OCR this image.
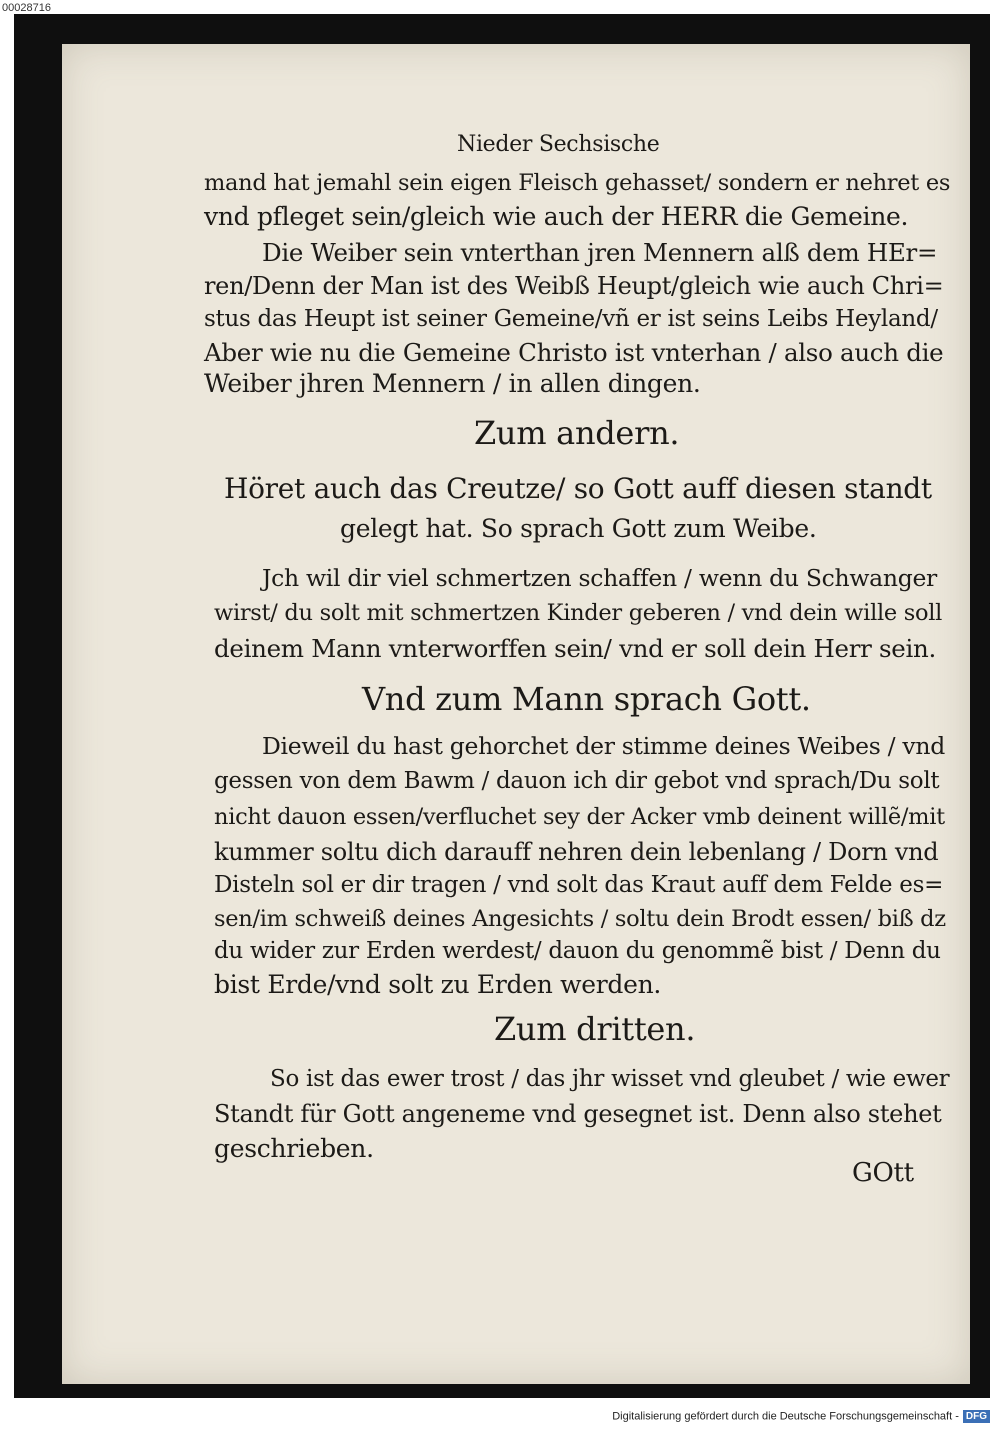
00028716
Nieder Sechsische
mand hat jemahl sein eigen Fleisch gehasset/ sondern er nehret es
vnd pfleget sein/gleich wie auch der HERR die Gemeine.
Die Weiber sein vnterthan jren Mennern alß dem HEr=
ren/Denn der Man ist des Weibß Heupt/gleich wie auch Chri=
stus das Heupt ist seiner Gemeine/vñ er ist seins Leibs Heyland/
Aber wie nu die Gemeine Christo ist vnterhan / also auch die
Weiber jhren Mennern / in allen dingen.
Zum andern.
Höret auch das Creutze/ so Gott auff diesen standt
gelegt hat. So sprach Gott zum Weibe.
Jch wil dir viel schmertzen schaffen / wenn du Schwanger
wirst/ du solt mit schmertzen Kinder geberen / vnd dein wille soll
deinem Mann vnterworffen sein/ vnd er soll dein Herr sein.
Vnd zum Mann sprach Gott.
Dieweil du hast gehorchet der stimme deines Weibes / vnd
gessen von dem Bawm / dauon ich dir gebot vnd sprach/Du solt
nicht dauon essen/verfluchet sey der Acker vmb deinent willẽ/mit
kummer soltu dich darauff nehren dein lebenlang / Dorn vnd
Disteln sol er dir tragen / vnd solt das Kraut auff dem Felde es=
sen/im schweiß deines Angesichts / soltu dein Brodt essen/ biß dz
du wider zur Erden werdest/ dauon du genommẽ bist / Denn du
bist Erde/vnd solt zu Erden werden.
Zum dritten.
So ist das ewer trost / das jhr wisset vnd gleubet / wie ewer
Standt für Gott angeneme vnd gesegnet ist. Denn also stehet
geschrieben.
GOtt
Digitalisierung gefördert durch die Deutsche Forschungsgemeinschaft - DFG
